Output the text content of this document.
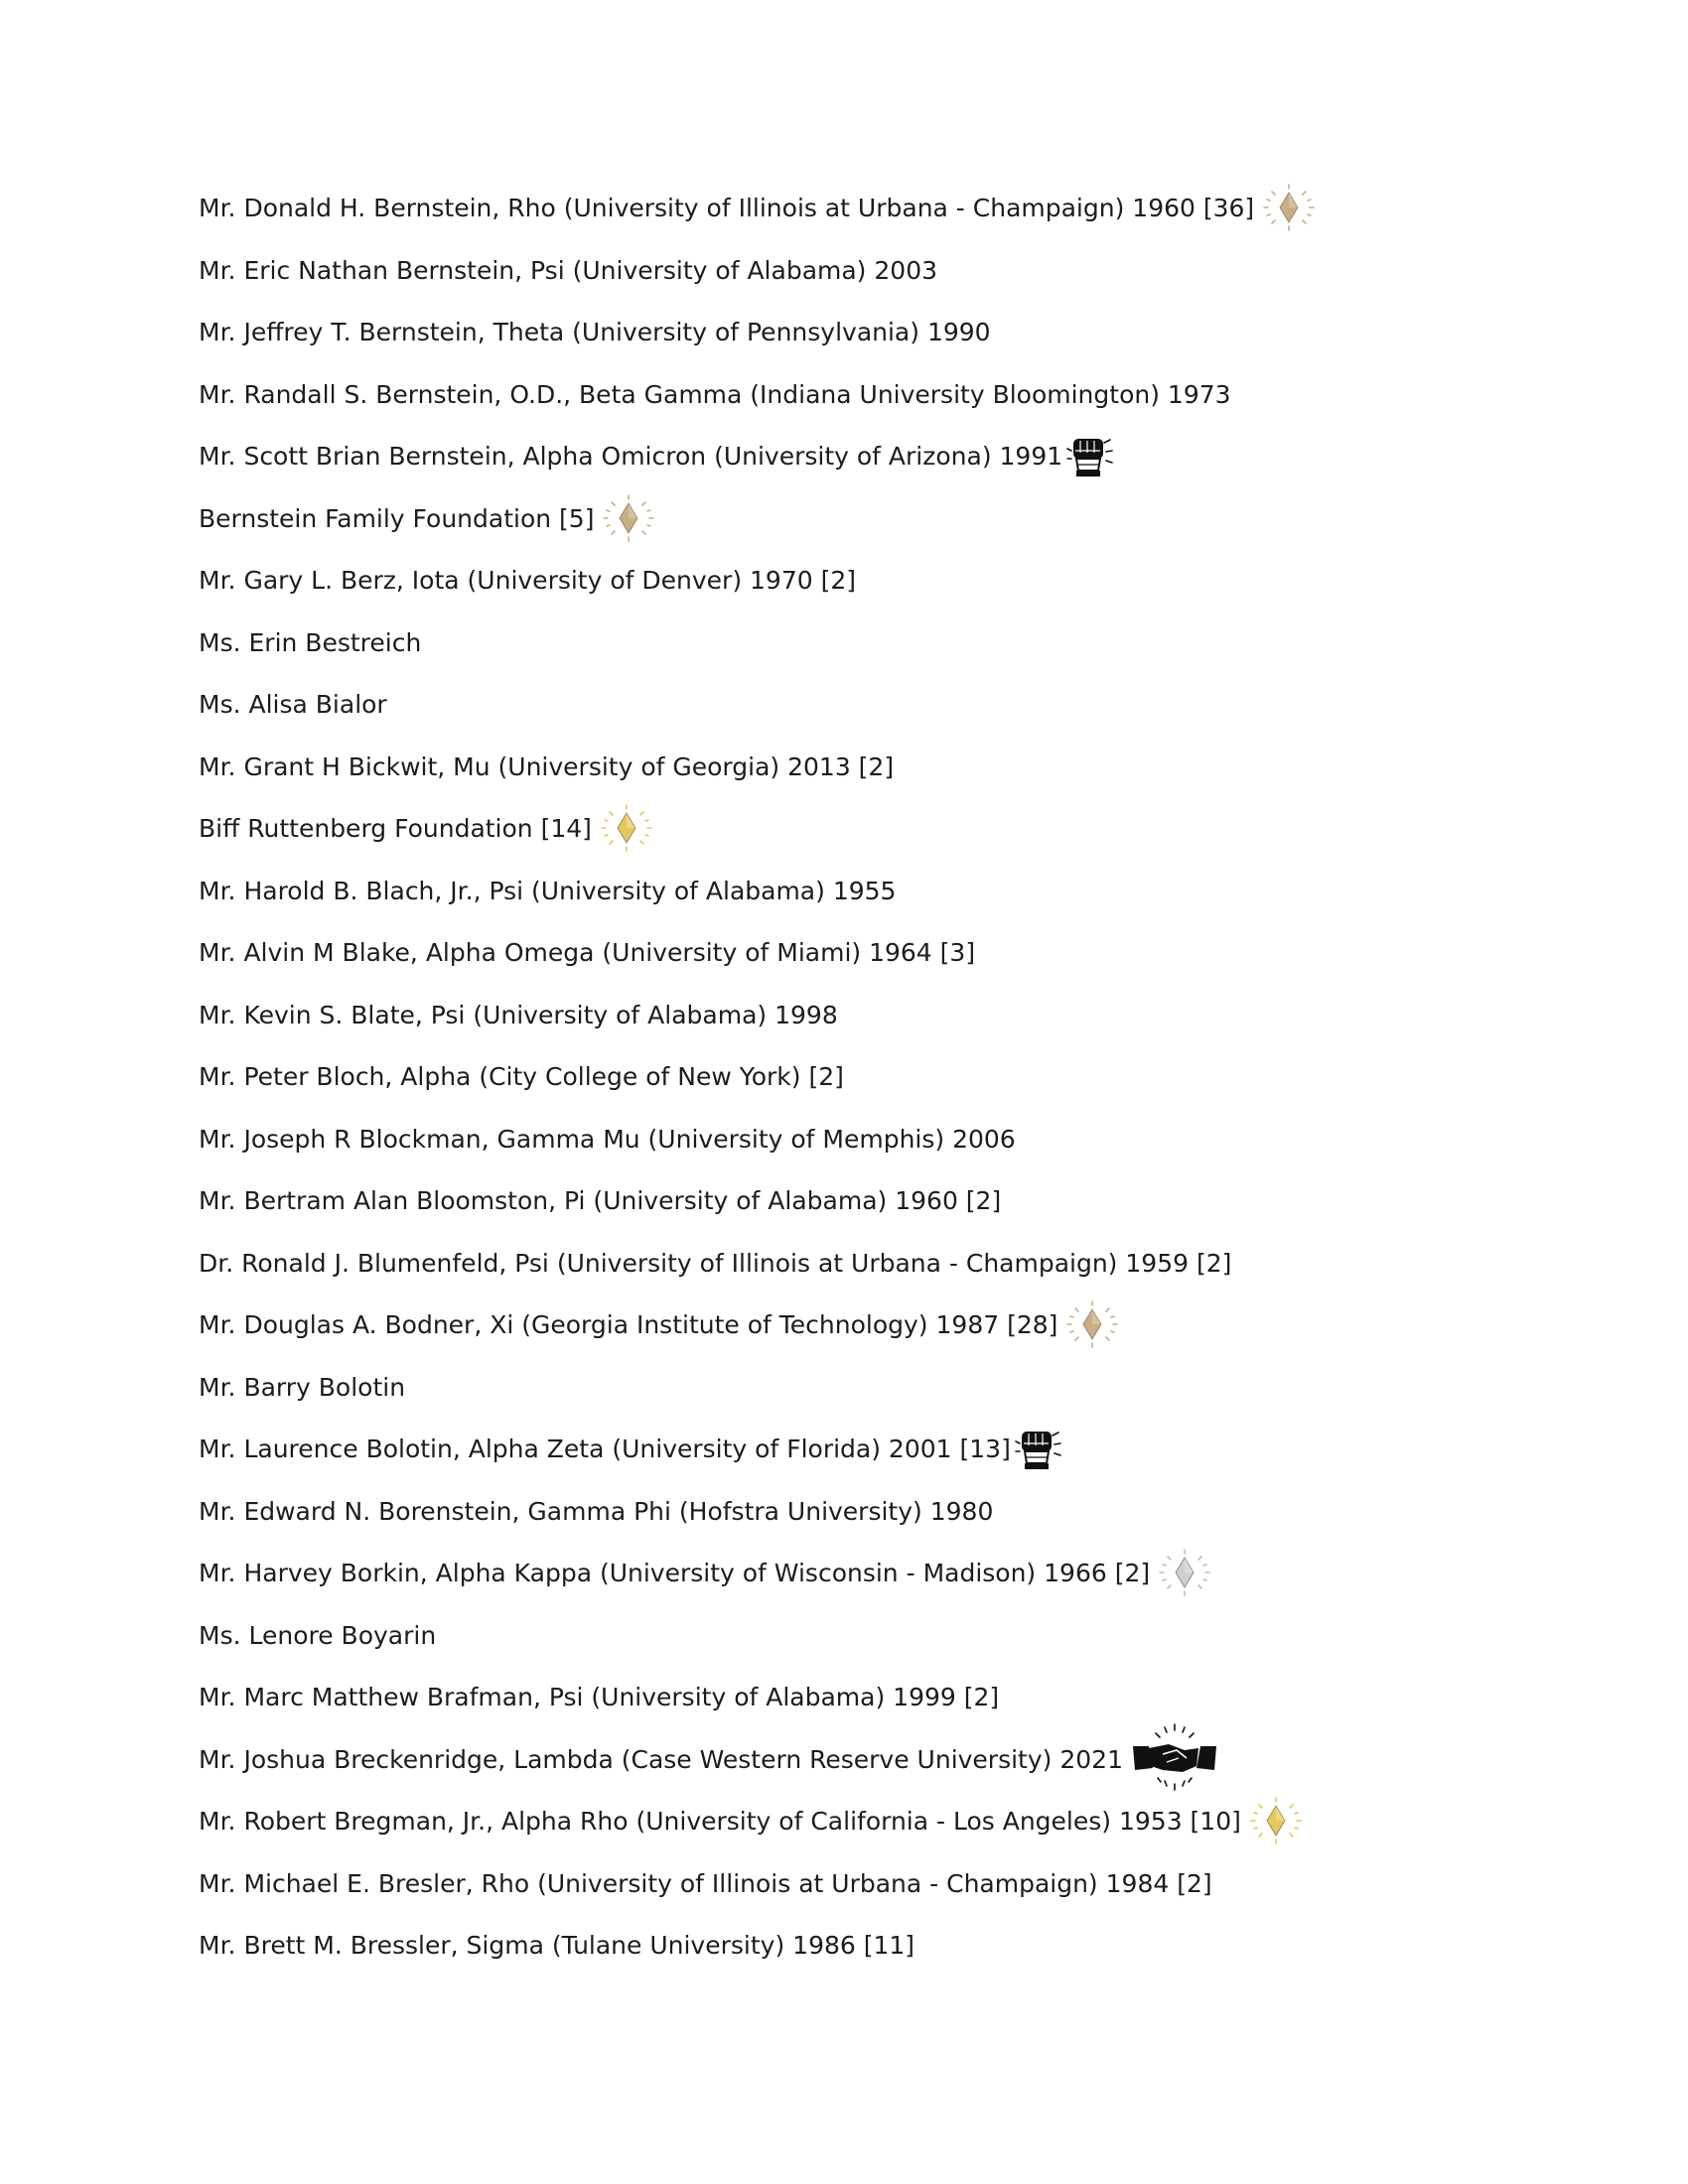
Mr. Donald H. Bernstein, Rho (University of Illinois at Urbana - Champaign) 1960 [36]
Mr. Eric Nathan Bernstein, Psi (University of Alabama) 2003
Mr. Jeffrey T. Bernstein, Theta (University of Pennsylvania) 1990
Mr. Randall S. Bernstein, O.D., Beta Gamma (Indiana University Bloomington) 1973
Mr. Scott Brian Bernstein, Alpha Omicron (University of Arizona) 1991
Bernstein Family Foundation [5]
Mr. Gary L. Berz, Iota (University of Denver) 1970 [2]
Ms. Erin Bestreich
Ms. Alisa Bialor
Mr. Grant H Bickwit, Mu (University of Georgia) 2013 [2]
Biff Ruttenberg Foundation [14]
Mr. Harold B. Blach, Jr., Psi (University of Alabama) 1955
Mr. Alvin M Blake, Alpha Omega (University of Miami) 1964 [3]
Mr. Kevin S. Blate, Psi (University of Alabama) 1998
Mr. Peter Bloch, Alpha (City College of New York) [2]
Mr. Joseph R Blockman, Gamma Mu (University of Memphis) 2006
Mr. Bertram Alan Bloomston, Pi (University of Alabama) 1960 [2]
Dr. Ronald J. Blumenfeld, Psi (University of Illinois at Urbana - Champaign) 1959 [2]
Mr. Douglas A. Bodner, Xi (Georgia Institute of Technology) 1987 [28]
Mr. Barry Bolotin
Mr. Laurence Bolotin, Alpha Zeta (University of Florida) 2001 [13]
Mr. Edward N. Borenstein, Gamma Phi (Hofstra University) 1980
Mr. Harvey Borkin, Alpha Kappa (University of Wisconsin - Madison) 1966 [2]
Ms. Lenore Boyarin
Mr. Marc Matthew Brafman, Psi (University of Alabama) 1999 [2]
Mr. Joshua Breckenridge, Lambda (Case Western Reserve University) 2021
Mr. Robert Bregman, Jr., Alpha Rho (University of California - Los Angeles) 1953 [10]
Mr. Michael E. Bresler, Rho (University of Illinois at Urbana - Champaign) 1984 [2]
Mr. Brett M. Bressler, Sigma (Tulane University) 1986 [11]
